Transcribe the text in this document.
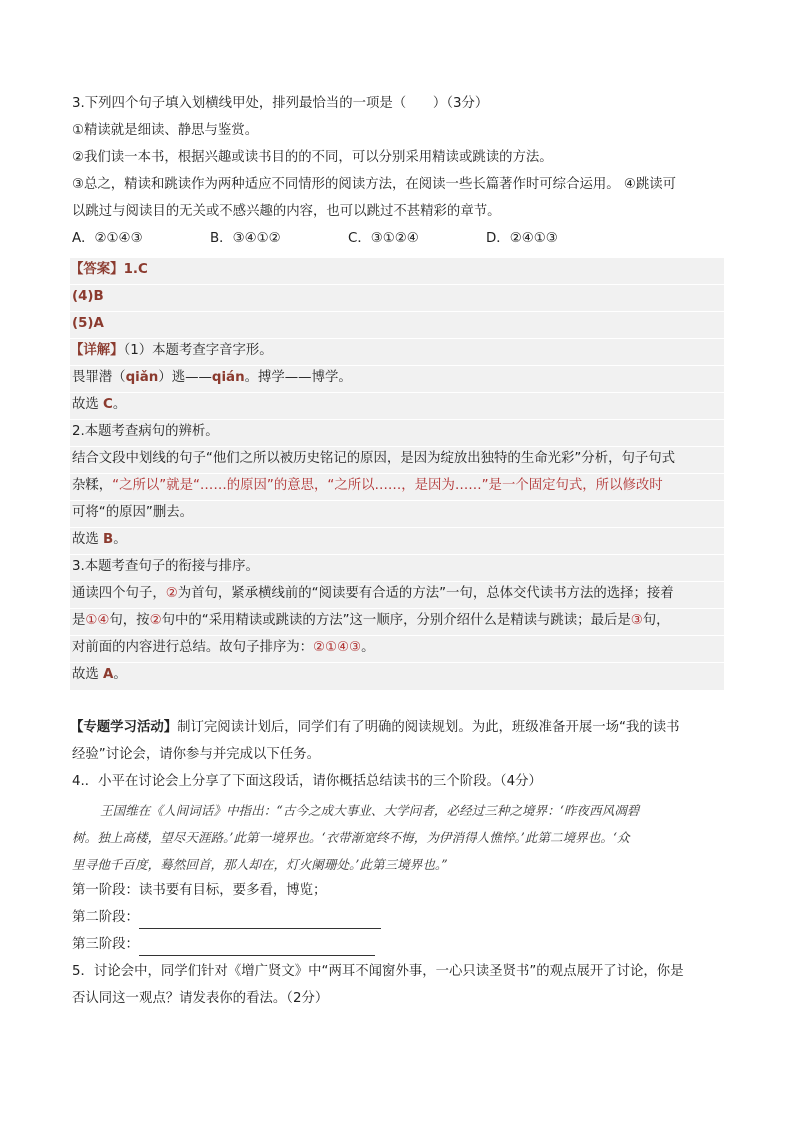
3.下列四个句子填入划横线甲处，排列最恰当的一项是（　　）（3分）
①精读就是细读、静思与鉴赏。
②我们读一本书，根据兴趣或读书目的的不同，可以分别采用精读或跳读的方法。
③总之，精读和跳读作为两种适应不同情形的阅读方法，在阅读一些长篇著作时可综合运用。 ④跳读可
以跳过与阅读目的无关或不感兴趣的内容，也可以跳过不甚精彩的章节。
A．②①④③	B．③④①②	C．③①②④	D．②④①③
【答案】1.C
(4)B
(5)A
【详解】（1）本题考查字音字形。
畏罪潜（qiǎn）逃——qián。搏学——博学。
故选 C。
2.本题考查病句的辨析。
结合文段中划线的句子“他们之所以被历史铭记的原因，是因为绽放出独特的生命光彩”分析，句子句式
杂糅，“之所以”就是“……的原因”的意思，“之所以……，是因为……”是一个固定句式，所以修改时
可将“的原因”删去。
故选 B。
3.本题考查句子的衔接与排序。
通读四个句子，②为首句，紧承横线前的“阅读要有合适的方法”一句，总体交代读书方法的选择；接着
是①④句，按②句中的“采用精读或跳读的方法”这一顺序，分别介绍什么是精读与跳读；最后是③句，
对前面的内容进行总结。故句子排序为：②①④③。
故选 A。
【专题学习活动】制订完阅读计划后，同学们有了明确的阅读规划。为此，班级准备开展一场“我的读书
经验”讨论会，请你参与并完成以下任务。
4.．小平在讨论会上分享了下面这段话，请你概括总结读书的三个阶段。（4分）
王国维在《人间词话》中指出：“古今之成大事业、大学问者，必经过三种之境界：‘昨夜西风凋碧
树。独上高楼，望尽天涯路。’此第一境界也。‘衣带渐宽终不悔，为伊消得人憔悴。’此第二境界也。‘众
里寻他千百度，蓦然回首，那人却在，灯火阑珊处。’此第三境界也。”
第一阶段：读书要有目标，要多看，博览；
第二阶段：
第三阶段：
5．讨论会中，同学们针对《增广贤文》中“两耳不闻窗外事，一心只读圣贤书”的观点展开了讨论，你是
否认同这一观点？请发表你的看法。（2分）
